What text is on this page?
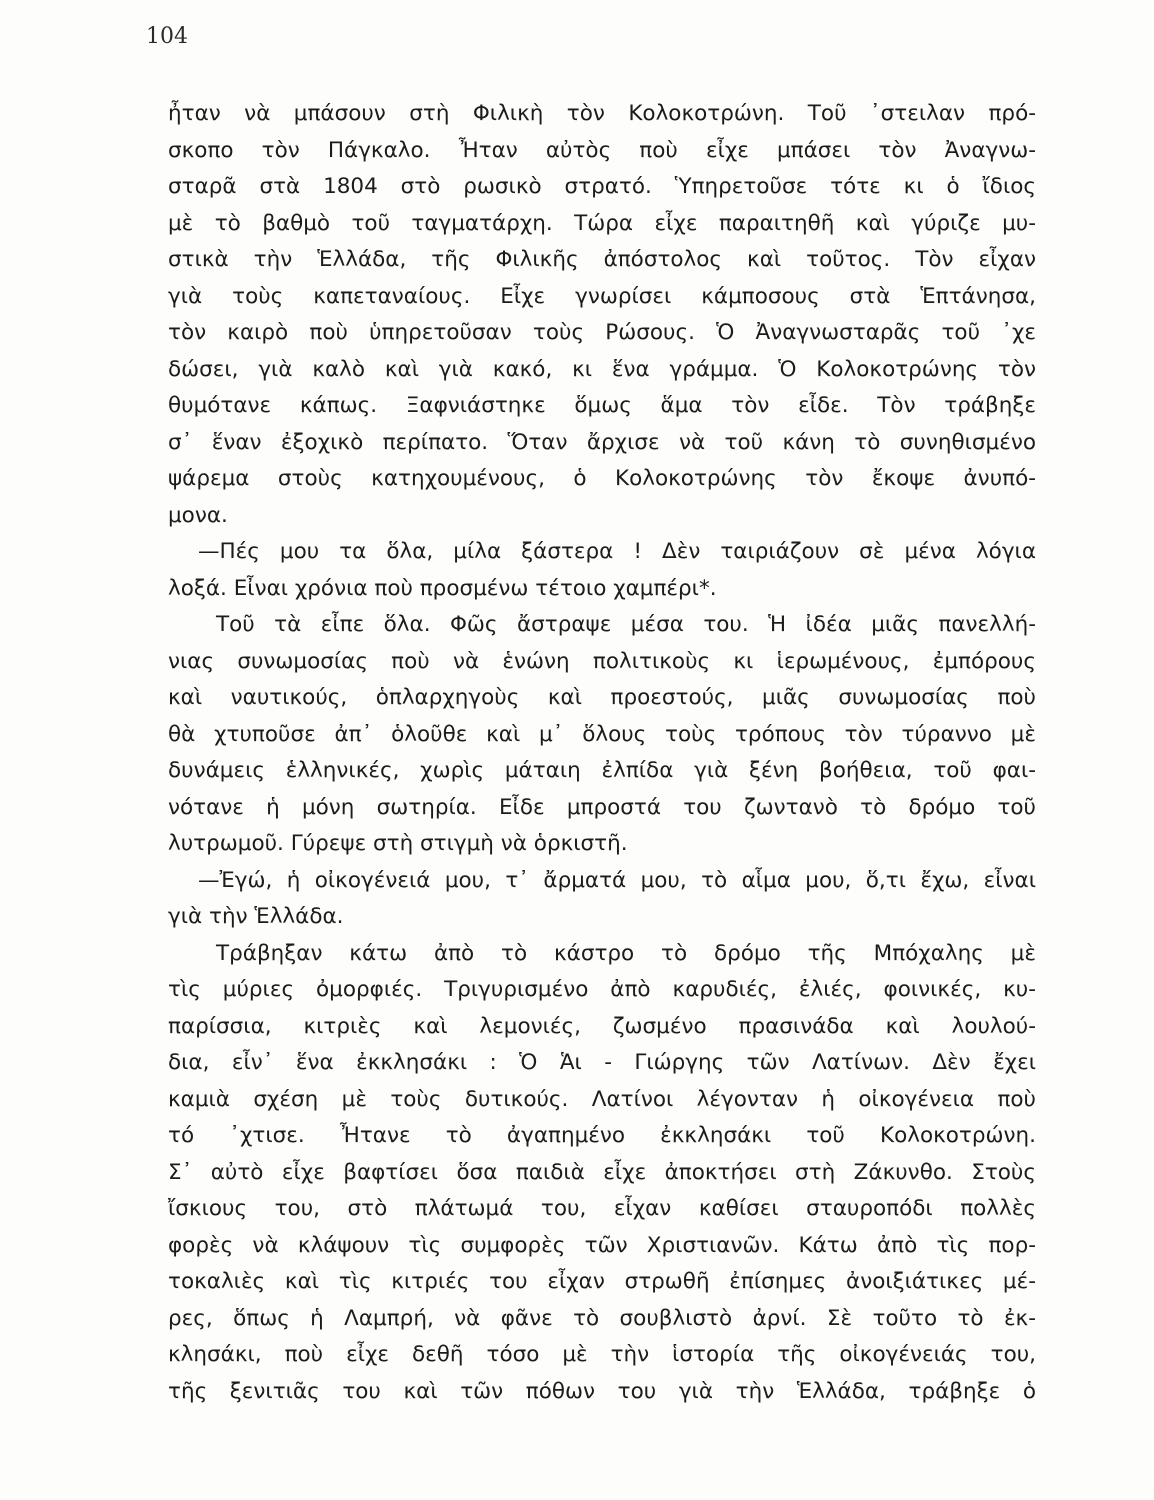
104
ἦταν νὰ μπάσουν στὴ Φιλικὴ τὸν Κολοκοτρώνη. Τοῦ ᾽στειλαν πρό-
σκοπο τὸν Πάγκαλο. Ἦταν αὐτὸς ποὺ εἶχε μπάσει τὸν Ἀναγνω-
σταρᾶ στὰ 1804 στὸ ρωσικὸ στρατό. Ὑπηρετοῦσε τότε κι ὁ ἴδιος
μὲ τὸ βαθμὸ τοῦ ταγματάρχη. Τώρα εἶχε παραιτηθῆ καὶ γύριζε μυ-
στικὰ τὴν Ἑλλάδα, τῆς Φιλικῆς ἀπόστολος καὶ τοῦτος. Τὸν εἶχαν
γιὰ τοὺς καπεταναίους. Εἶχε γνωρίσει κάμποσους στὰ Ἑπτάνησα,
τὸν καιρὸ ποὺ ὑπηρετοῦσαν τοὺς Ρώσους. Ὁ Ἀναγνωσταρᾶς τοῦ ᾽χε
δώσει, γιὰ καλὸ καὶ γιὰ κακό, κι ἕνα γράμμα. Ὁ Κολοκοτρώνης τὸν
θυμότανε κάπως. Ξαφνιάστηκε ὅμως ἅμα τὸν εἶδε. Τὸν τράβηξε
σ᾽ ἕναν ἐξοχικὸ περίπατο. Ὅταν ἄρχισε νὰ τοῦ κάνη τὸ συνηθισμένο
ψάρεμα στοὺς κατηχουμένους, ὁ Κολοκοτρώνης τὸν ἔκοψε ἀνυπό-
μονα.
—Πές μου τα ὅλα, μίλα ξάστερα ! Δὲν ταιριάζουν σὲ μένα λόγια
λοξά. Εἶναι χρόνια ποὺ προσμένω τέτοιο χαμπέρι*.
Τοῦ τὰ εἶπε ὅλα. Φῶς ἄστραψε μέσα του. Ἡ ἰδέα μιᾶς πανελλή-
νιας συνωμοσίας ποὺ νὰ ἑνώνη πολιτικοὺς κι ἱερωμένους, ἐμπόρους
καὶ ναυτικούς, ὁπλαρχηγοὺς καὶ προεστούς, μιᾶς συνωμοσίας ποὺ
θὰ χτυποῦσε ἀπ᾽ ὁλοῦθε καὶ μ᾽ ὅλους τοὺς τρόπους τὸν τύραννο μὲ
δυνάμεις ἑλληνικές, χωρὶς μάταιη ἐλπίδα γιὰ ξένη βοήθεια, τοῦ φαι-
νότανε ἡ μόνη σωτηρία. Εἶδε μπροστά του ζωντανὸ τὸ δρόμο τοῦ
λυτρωμοῦ. Γύρεψε στὴ στιγμὴ νὰ ὁρκιστῆ.
—Ἐγώ, ἡ οἰκογένειά μου, τ᾽ ἄρματά μου, τὸ αἷμα μου, ὅ,τι ἔχω, εἶναι
γιὰ τὴν Ἑλλάδα.
Τράβηξαν κάτω ἀπὸ τὸ κάστρο τὸ δρόμο τῆς Μπόχαλης μὲ
τὶς μύριες ὀμορφιές. Τριγυρισμένο ἀπὸ καρυδιές, ἐλιές, φοινικές, κυ-
παρίσσια, κιτριὲς καὶ λεμονιές, ζωσμένο πρασινάδα καὶ λουλού-
δια, εἶν᾽ ἕνα ἐκκλησάκι : Ὁ Ἁι - Γιώργης τῶν Λατίνων. Δὲν ἔχει
καμιὰ σχέση μὲ τοὺς δυτικούς. Λατίνοι λέγονταν ἡ οἰκογένεια ποὺ
τό ᾽χτισε. Ἦτανε τὸ ἀγαπημένο ἐκκλησάκι τοῦ Κολοκοτρώνη.
Σ᾽ αὐτὸ εἶχε βαφτίσει ὅσα παιδιὰ εἶχε ἀποκτήσει στὴ Ζάκυνθο. Στοὺς
ἴσκιους του, στὸ πλάτωμά του, εἶχαν καθίσει σταυροπόδι πολλὲς
φορὲς νὰ κλάψουν τὶς συμφορὲς τῶν Χριστιανῶν. Κάτω ἀπὸ τὶς πορ-
τοκαλιὲς καὶ τὶς κιτριές του εἶχαν στρωθῆ ἐπίσημες ἀνοιξιάτικες μέ-
ρες, ὅπως ἡ Λαμπρή, νὰ φᾶνε τὸ σουβλιστὸ ἀρνί. Σὲ τοῦτο τὸ ἐκ-
κλησάκι, ποὺ εἶχε δεθῆ τόσο μὲ τὴν ἱστορία τῆς οἰκογένειάς του,
τῆς ξενιτιᾶς του καὶ τῶν πόθων του γιὰ τὴν Ἑλλάδα, τράβηξε ὁ
